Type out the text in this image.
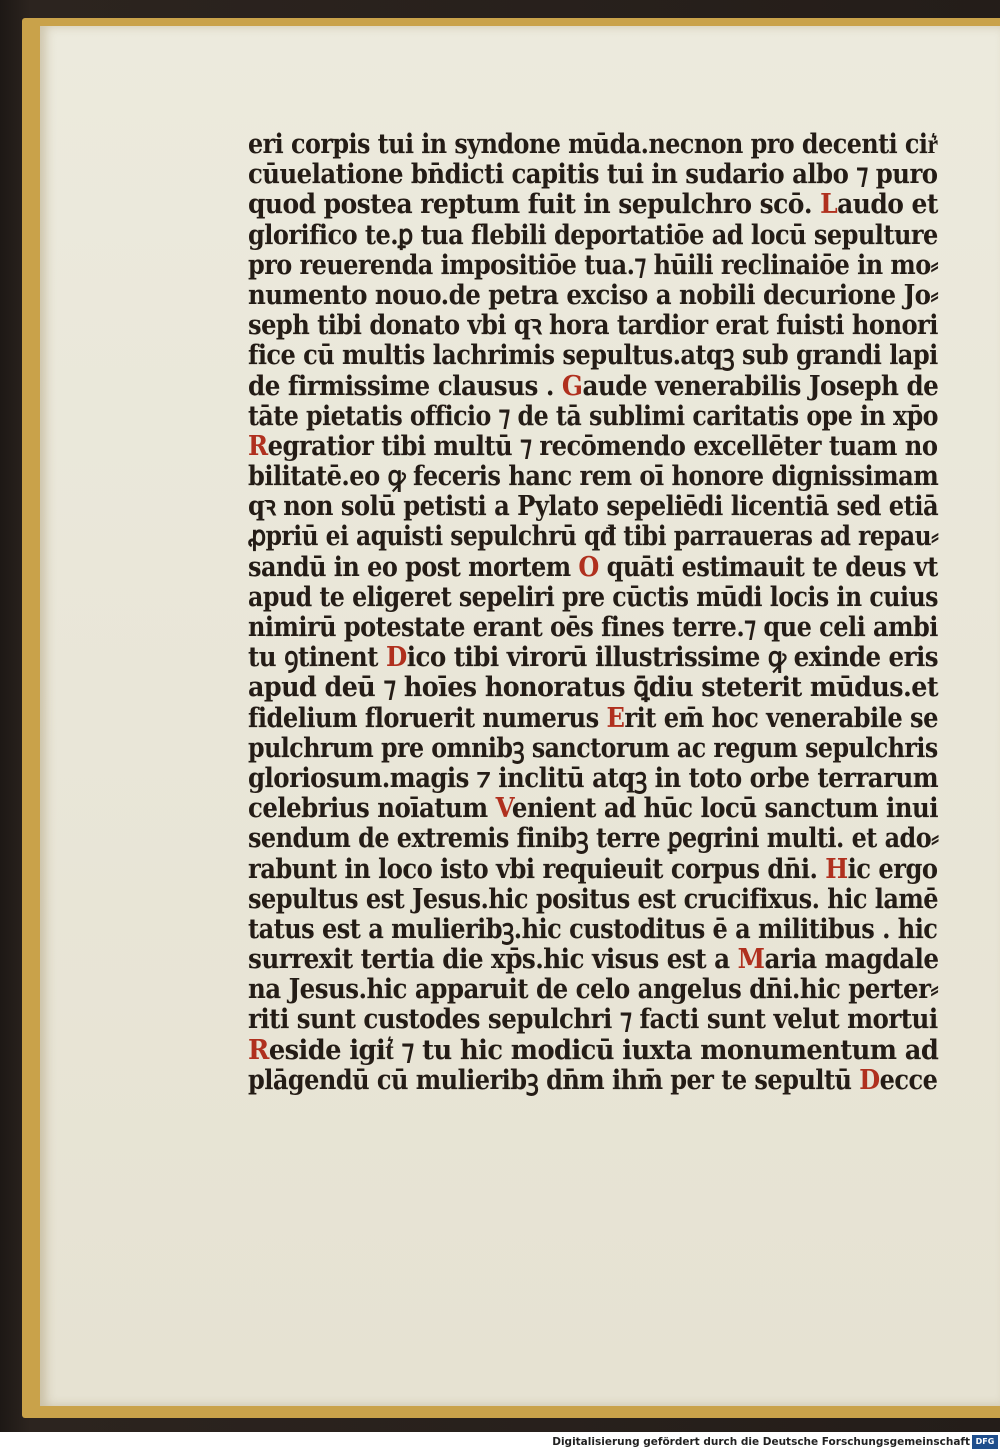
eri corpis tui in syndone mūda.necnon pro decenti cir͛
cūuelatione bn̄dicti capitis tui in sudario albo ⁊ puro
quod postea reptum fuit in sepulchro scō. Laudo et
glorifico te.ꝑ tua flebili deportatiōe ad locū sepulture
pro reuerenda impositiōe tua.⁊ hūili reclinaiōe in mo⸗
numento nouo.de petra exciso a nobili decurione Jo⸗
seph tibi donato vbi qꝛ hora tardior erat fuisti honori
fice cū multis lachrimis sepultus.atqꝫ sub grandi lapi
de firmissime clausus . Gaude venerabilis Joseph de
tāte pietatis officio ⁊ de tā sublimi caritatis ope in xp̄o
Regratior tibi multū ⁊ recōmendo excellēter tuam no
bilitatē.eo ꝙ feceris hanc rem oī honore dignissimam
qꝛ non solū petisti a Pylato sepeliēdi licentiā sed etiā
ꝓpriū ei aquisti sepulchrū qđ tibi parraueras ad repau⸗
sandū in eo post mortem O quāti estimauit te deus vt
apud te eligeret sepeliri pre cūctis mūdi locis in cuius
nimirū potestate erant oēs fines terre.⁊ que celi ambi
tu ꝯtinent Dico tibi virorū illustrissime ꝙ exinde eris
apud deū ⁊ hoīes honoratus ꝗ̄diu steterit mūdus.et
fidelium floruerit numerus Erit em̄ hoc venerabile se
pulchrum pre omnibꝫ sanctorum ac regum sepulchris
gloriosum.magis ⁊ inclitū atqꝫ in toto orbe terrarum
celebrius noīatum Venient ad hūc locū sanctum inui
sendum de extremis finibꝫ terre ꝑegrini multi. et ado⸗
rabunt in loco isto vbi requieuit corpus dn̄i. Hic ergo
sepultus est Jesus.hic positus est crucifixus. hic lamē
tatus est a mulieribꝫ.hic custoditus ē a militibus . hic
surrexit tertia die xp̄s.hic visus est a Maria magdale
na Jesus.hic apparuit de celo angelus dn̄i.hic perter⸗
riti sunt custodes sepulchri ⁊ facti sunt velut mortui
Reside igit͛ ⁊ tu hic modicū iuxta monumentum ad
plāgendū cū mulieribꝫ dn̄m ihm̄ per te sepultū Decce
Digitalisierung gefördert durch die Deutsche Forschungsgemeinschaft DFG
